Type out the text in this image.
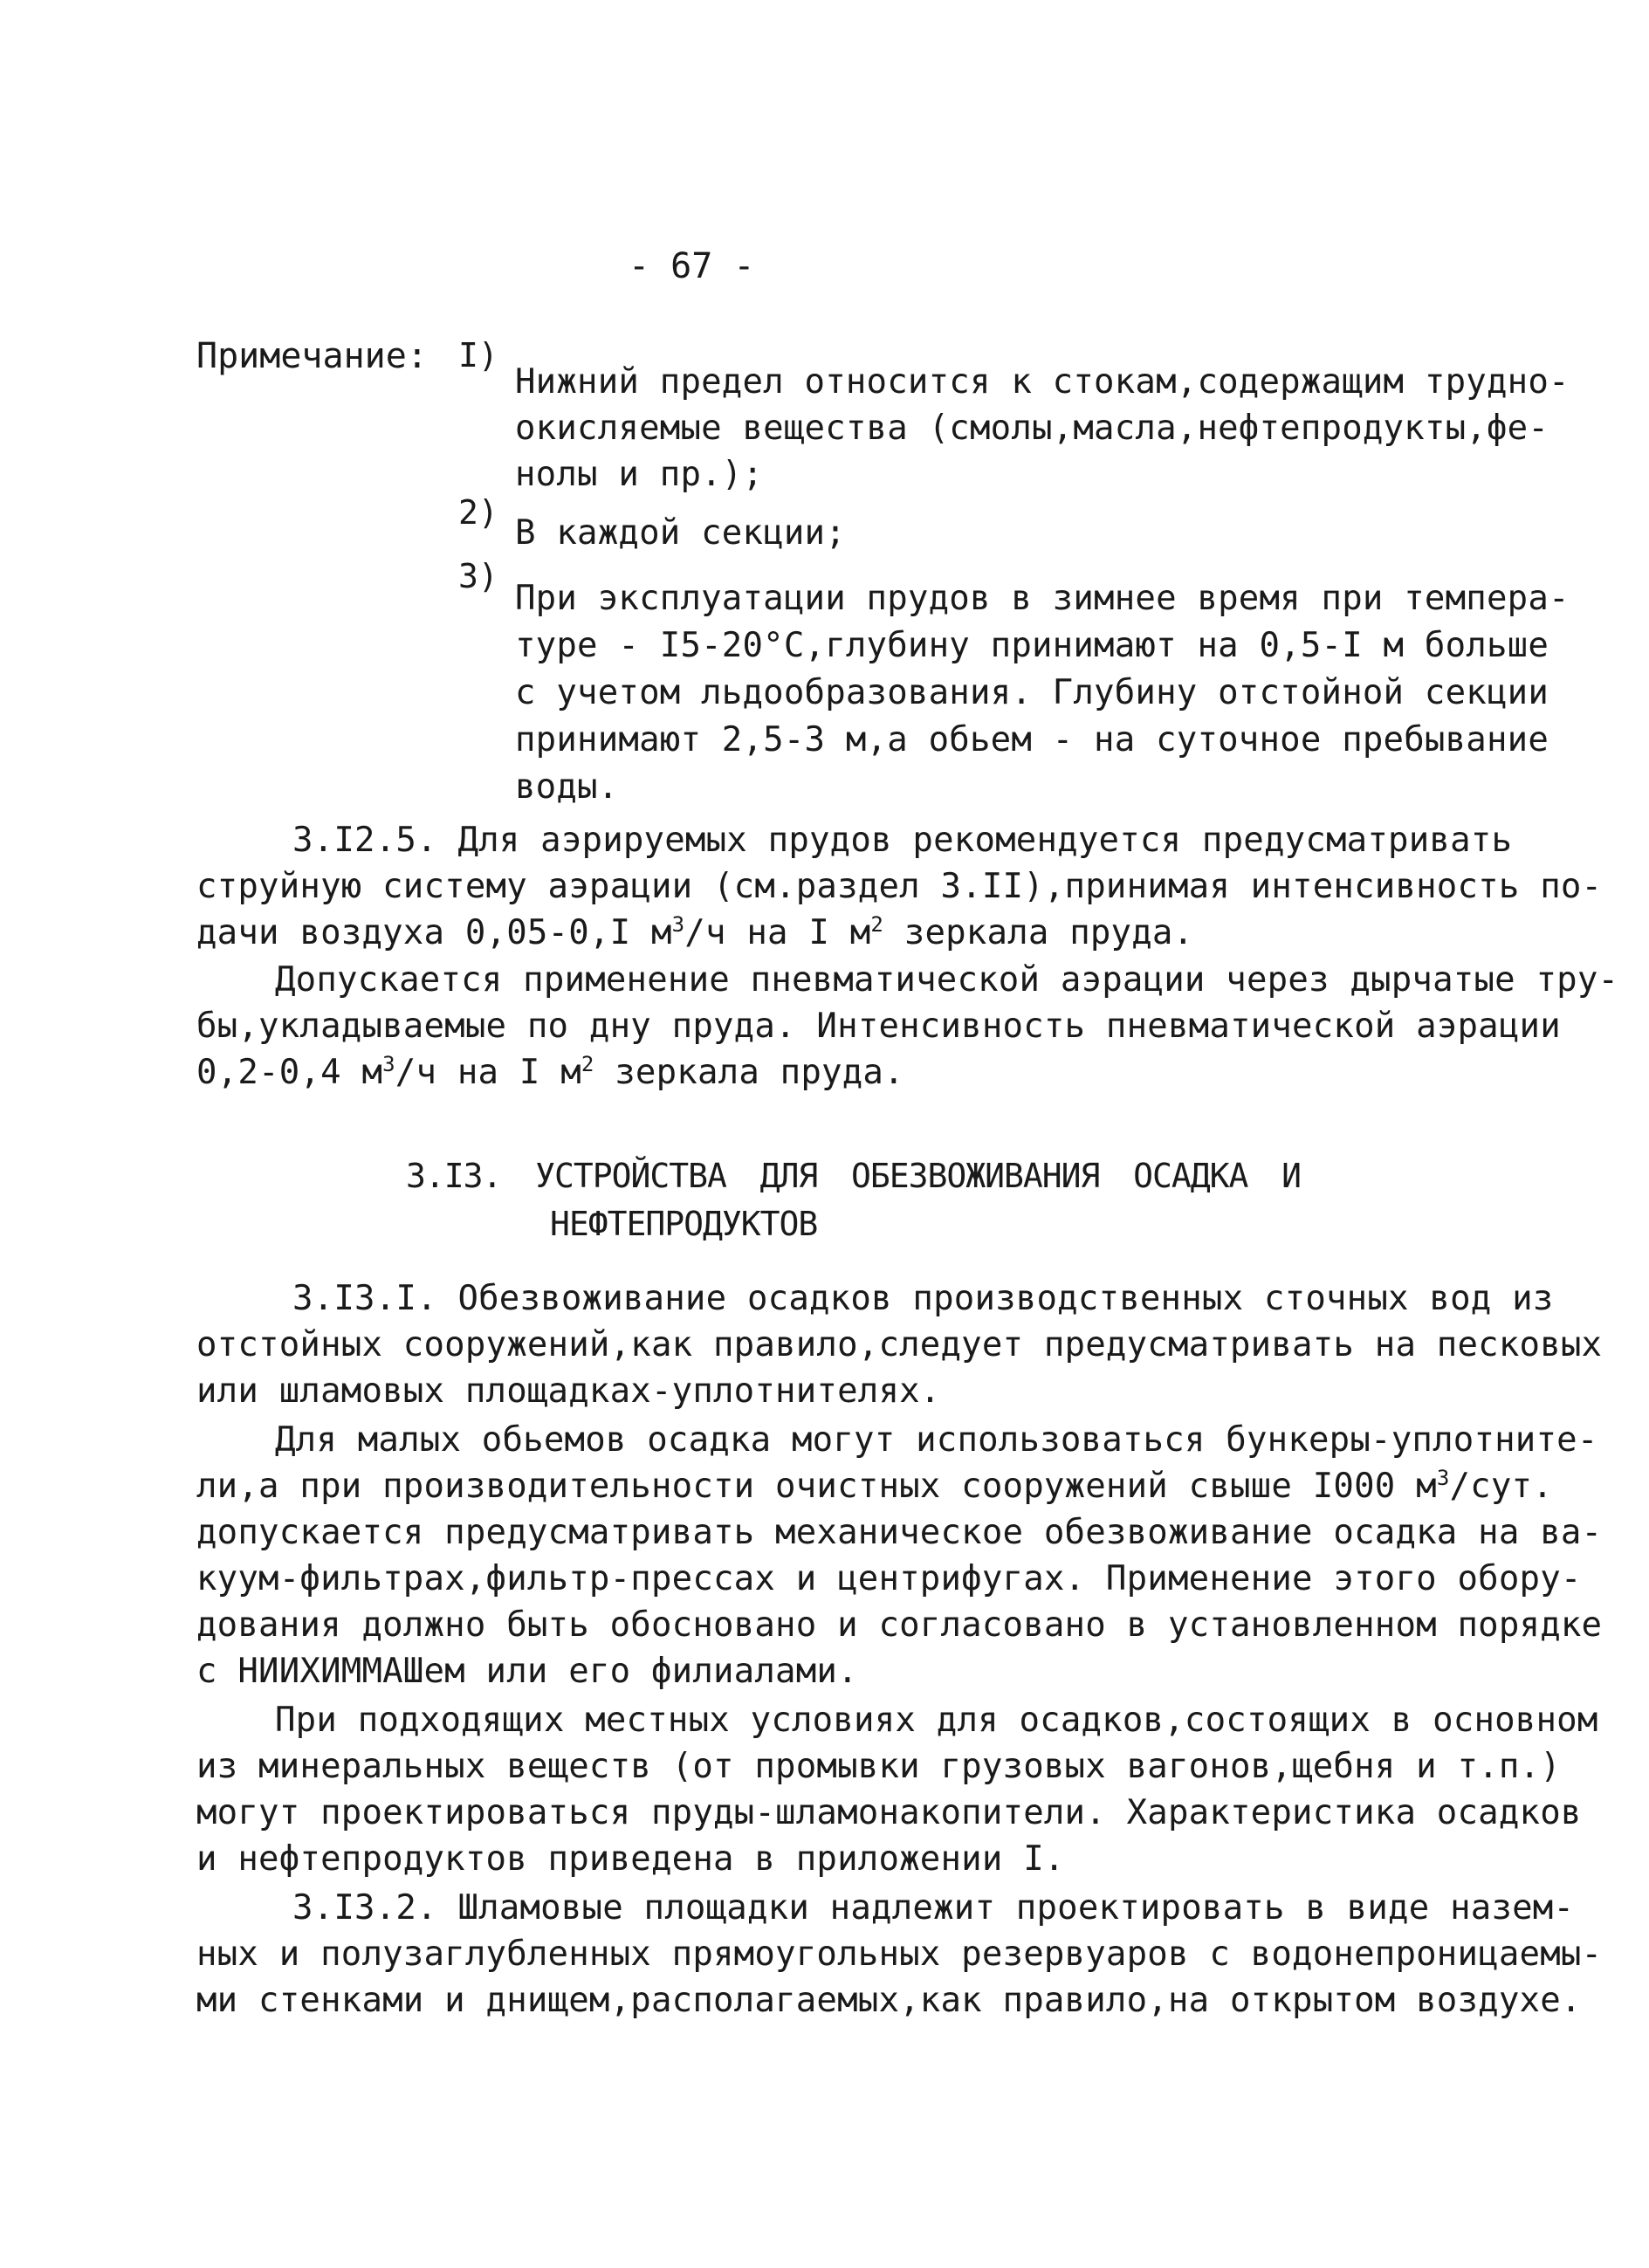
- 67 -
Примечание: I)
Нижний предел относится к стокам,содержащим трудно-
окисляемые вещества (смолы,масла,нефтепродукты,фе-
нолы и пр.);
2)
В каждой секции;
3)
При эксплуатации прудов в зимнее время при темпера-
туре - I5-20°С,глубину принимают на 0,5-I м больше
с учетом льдообразования. Глубину отстойной секции
принимают 2,5-3 м,а обьем - на суточное пребывание
воды.
3.I2.5. Для аэрируемых прудов рекомендуется предусматривать
струйную систему аэрации (см.раздел 3.II),принимая интенсивность по-
дачи воздуха 0,05-0,I $м^3/ч$ на I $м^2$ зеркала пруда.
Допускается применение пневматической аэрации через дырчатые тру-
бы,укладываемые по дну пруда. Интенсивность пневматической аэрации
0,2-0,4 $м^3/ч$ на I $м^2$ зеркала пруда.
3.I3. УСТРОЙСТВА ДЛЯ ОБЕЗВОЖИВАНИЯ ОСАДКА И
НЕФТЕПРОДУКТОВ
3.I3.I. Обезвоживание осадков производственных сточных вод из
отстойных сооружений,как правило,следует предусматривать на песковых
или шламовых площадках-уплотнителях.
Для малых обьемов осадка могут использоваться бункеры-уплотните-
ли,а при производительности очистных сооружений свыше I000 $м^3$/сут.
допускается предусматривать механическое обезвоживание осадка на ва-
куум-фильтрах,фильтр-прессах и центрифугах. Применение этого обору-
дования должно быть обосновано и согласовано в установленном порядке
с НИИХИММАШем или его филиалами.
При подходящих местных условиях для осадков,состоящих в основном
из минеральных веществ (от промывки грузовых вагонов,щебня и т.п.)
могут проектироваться пруды-шламонакопители. Характеристика осадков
и нефтепродуктов приведена в приложении I.
3.I3.2. Шламовые площадки надлежит проектировать в виде назем-
ных и полузаглубленных прямоугольных резервуаров с водонепроницаемы-
ми стенками и днищем,располагаемых,как правило,на открытом воздухе.
